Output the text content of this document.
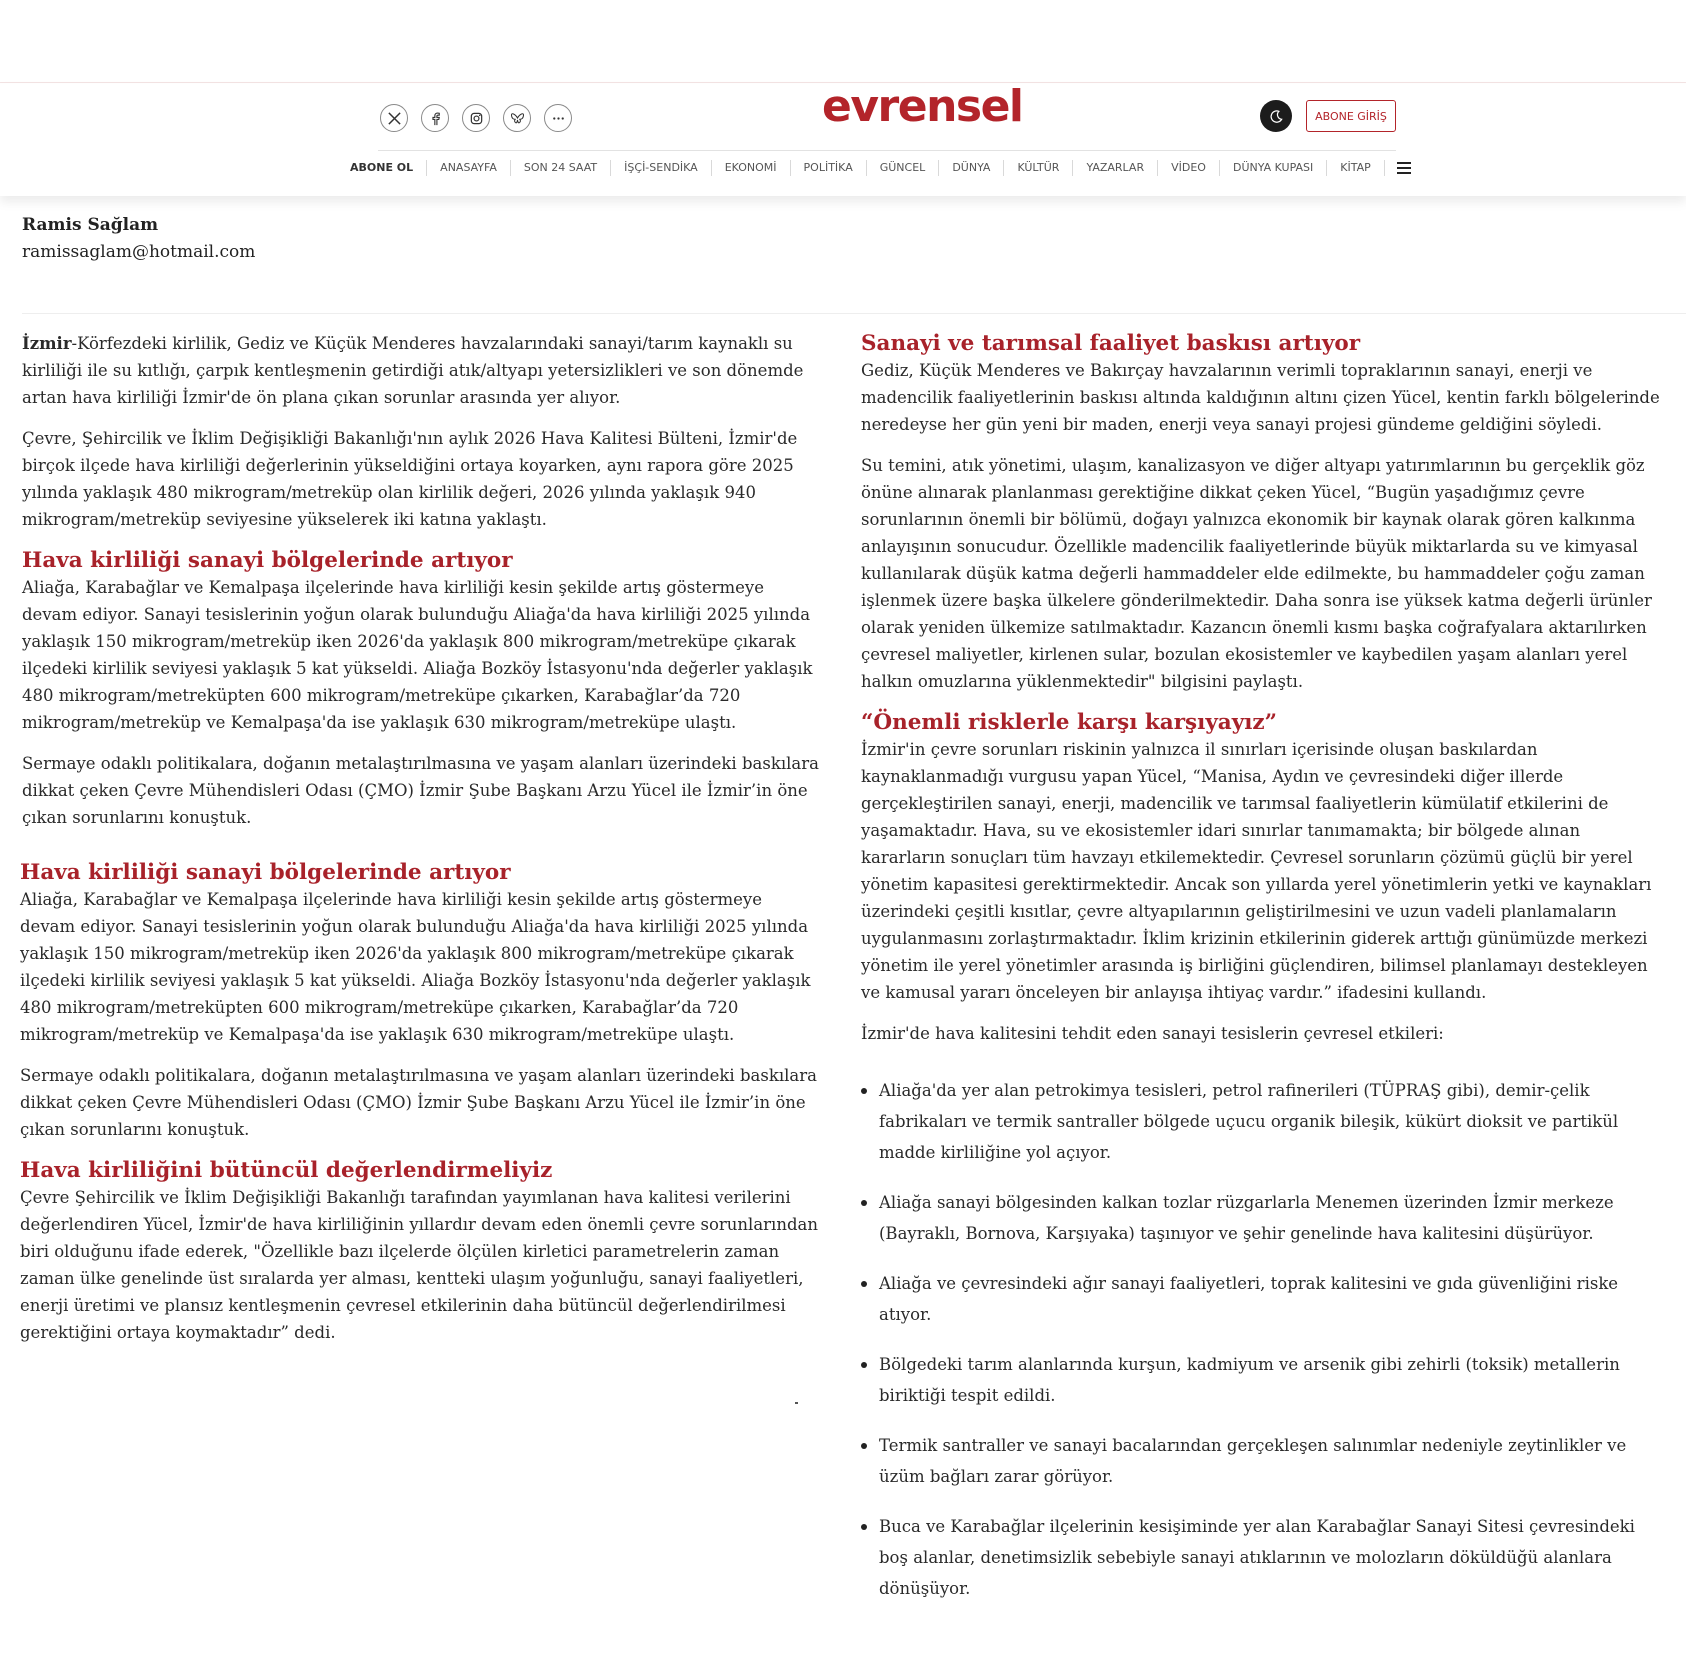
evrensel	ABONE GİRİŞ
ABONE OL	ANASAYFA	SON 24 SAAT	İŞÇİ-SENDİKA	EKONOMİ	POLİTİKA	GÜNCEL	DÜNYA	KÜLTÜR	YAZARLAR	VİDEO	DÜNYA KUPASI	KİTAP
Ramis Sağlam
ramissaglam@hotmail.com

İzmir-Körfezdeki kirlilik, Gediz ve Küçük Menderes havzalarındaki sanayi/tarım kaynaklı su kirliliği ile su kıtlığı, çarpık kentleşmenin getirdiği atık/altyapı yetersizlikleri ve son dönemde artan hava kirliliği İzmir'de ön plana çıkan sorunlar arasında yer alıyor.

Çevre, Şehircilik ve İklim Değişikliği Bakanlığı'nın aylık 2026 Hava Kalitesi Bülteni, İzmir'de birçok ilçede hava kirliliği değerlerinin yükseldiğini ortaya koyarken, aynı rapora göre 2025 yılında yaklaşık 480 mikrogram/metreküp olan kirlilik değeri, 2026 yılında yaklaşık 940 mikrogram/metreküp seviyesine yükselerek iki katına yaklaştı.

Hava kirliliği sanayi bölgelerinde artıyor

Aliağa, Karabağlar ve Kemalpaşa ilçelerinde hava kirliliği kesin şekilde artış göstermeye devam ediyor. Sanayi tesislerinin yoğun olarak bulunduğu Aliağa'da hava kirliliği 2025 yılında yaklaşık 150 mikrogram/metreküp iken 2026'da yaklaşık 800 mikrogram/metreküpe çıkarak ilçedeki kirlilik seviyesi yaklaşık 5 kat yükseldi. Aliağa Bozköy İstasyonu'nda değerler yaklaşık 480 mikrogram/metreküpten 600 mikrogram/metreküpe çıkarken, Karabağlar’da 720 mikrogram/metreküp ve Kemalpaşa'da ise yaklaşık 630 mikrogram/metreküpe ulaştı.

Sermaye odaklı politikalara, doğanın metalaştırılmasına ve yaşam alanları üzerindeki baskılara dikkat çeken Çevre Mühendisleri Odası (ÇMO) İzmir Şube Başkanı Arzu Yücel ile İzmir’in öne çıkan sorunlarını konuştuk.

Hava kirliliği sanayi bölgelerinde artıyor

Aliağa, Karabağlar ve Kemalpaşa ilçelerinde hava kirliliği kesin şekilde artış göstermeye devam ediyor. Sanayi tesislerinin yoğun olarak bulunduğu Aliağa'da hava kirliliği 2025 yılında yaklaşık 150 mikrogram/metreküp iken 2026'da yaklaşık 800 mikrogram/metreküpe çıkarak ilçedeki kirlilik seviyesi yaklaşık 5 kat yükseldi. Aliağa Bozköy İstasyonu'nda değerler yaklaşık 480 mikrogram/metreküpten 600 mikrogram/metreküpe çıkarken, Karabağlar’da 720 mikrogram/metreküp ve Kemalpaşa'da ise yaklaşık 630 mikrogram/metreküpe ulaştı.

Sermaye odaklı politikalara, doğanın metalaştırılmasına ve yaşam alanları üzerindeki baskılara dikkat çeken Çevre Mühendisleri Odası (ÇMO) İzmir Şube Başkanı Arzu Yücel ile İzmir’in öne çıkan sorunlarını konuştuk.

Hava kirliliğini bütüncül değerlendirmeliyiz

Çevre Şehircilik ve İklim Değişikliği Bakanlığı tarafından yayımlanan hava kalitesi verilerini değerlendiren Yücel, İzmir'de hava kirliliğinin yıllardır devam eden önemli çevre sorunlarından biri olduğunu ifade ederek, "Özellikle bazı ilçelerde ölçülen kirletici parametrelerin zaman zaman ülke genelinde üst sıralarda yer alması, kentteki ulaşım yoğunluğu, sanayi faaliyetleri, enerji üretimi ve plansız kentleşmenin çevresel etkilerinin daha bütüncül değerlendirilmesi gerektiğini ortaya koymaktadır” dedi.

Sanayi ve tarımsal faaliyet baskısı artıyor

Gediz, Küçük Menderes ve Bakırçay havzalarının verimli topraklarının sanayi, enerji ve madencilik faaliyetlerinin baskısı altında kaldığının altını çizen Yücel, kentin farklı bölgelerinde neredeyse her gün yeni bir maden, enerji veya sanayi projesi gündeme geldiğini söyledi.

Su temini, atık yönetimi, ulaşım, kanalizasyon ve diğer altyapı yatırımlarının bu gerçeklik göz önüne alınarak planlanması gerektiğine dikkat çeken Yücel, “Bugün yaşadığımız çevre sorunlarının önemli bir bölümü, doğayı yalnızca ekonomik bir kaynak olarak gören kalkınma anlayışının sonucudur. Özellikle madencilik faaliyetlerinde büyük miktarlarda su ve kimyasal kullanılarak düşük katma değerli hammaddeler elde edilmekte, bu hammaddeler çoğu zaman işlenmek üzere başka ülkelere gönderilmektedir. Daha sonra ise yüksek katma değerli ürünler olarak yeniden ülkemize satılmaktadır. Kazancın önemli kısmı başka coğrafyalara aktarılırken çevresel maliyetler, kirlenen sular, bozulan ekosistemler ve kaybedilen yaşam alanları yerel halkın omuzlarına yüklenmektedir" bilgisini paylaştı.

“Önemli risklerle karşı karşıyayız”

İzmir'in çevre sorunları riskinin yalnızca il sınırları içerisinde oluşan baskılardan kaynaklanmadığı vurgusu yapan Yücel, “Manisa, Aydın ve çevresindeki diğer illerde gerçekleştirilen sanayi, enerji, madencilik ve tarımsal faaliyetlerin kümülatif etkilerini de yaşamaktadır. Hava, su ve ekosistemler idari sınırlar tanımamakta; bir bölgede alınan kararların sonuçları tüm havzayı etkilemektedir. Çevresel sorunların çözümü güçlü bir yerel yönetim kapasitesi gerektirmektedir. Ancak son yıllarda yerel yönetimlerin yetki ve kaynakları üzerindeki çeşitli kısıtlar, çevre altyapılarının geliştirilmesini ve uzun vadeli planlamaların uygulanmasını zorlaştırmaktadır. İklim krizinin etkilerinin giderek arttığı günümüzde merkezi yönetim ile yerel yönetimler arasında iş birliğini güçlendiren, bilimsel planlamayı destekleyen ve kamusal yararı önceleyen bir anlayışa ihtiyaç vardır.” ifadesini kullandı.

İzmir'de hava kalitesini tehdit eden sanayi tesislerin çevresel etkileri:

Aliağa'da yer alan petrokimya tesisleri, petrol rafinerileri (TÜPRAŞ gibi), demir-çelik fabrikaları ve termik santraller bölgede uçucu organik bileşik, kükürt dioksit ve partikül madde kirliliğine yol açıyor.
Aliağa sanayi bölgesinden kalkan tozlar rüzgarlarla Menemen üzerinden İzmir merkeze (Bayraklı, Bornova, Karşıyaka) taşınıyor ve şehir genelinde hava kalitesini düşürüyor.
Aliağa ve çevresindeki ağır sanayi faaliyetleri, toprak kalitesini ve gıda güvenliğini riske atıyor.
Bölgedeki tarım alanlarında kurşun, kadmiyum ve arsenik gibi zehirli (toksik) metallerin biriktiği tespit edildi.
Termik santraller ve sanayi bacalarından gerçekleşen salınımlar nedeniyle zeytinlikler ve üzüm bağları zarar görüyor.
Buca ve Karabağlar ilçelerinin kesişiminde yer alan Karabağlar Sanayi Sitesi çevresindeki boş alanlar, denetimsizlik sebebiyle sanayi atıklarının ve molozların döküldüğü alanlara dönüşüyor.
